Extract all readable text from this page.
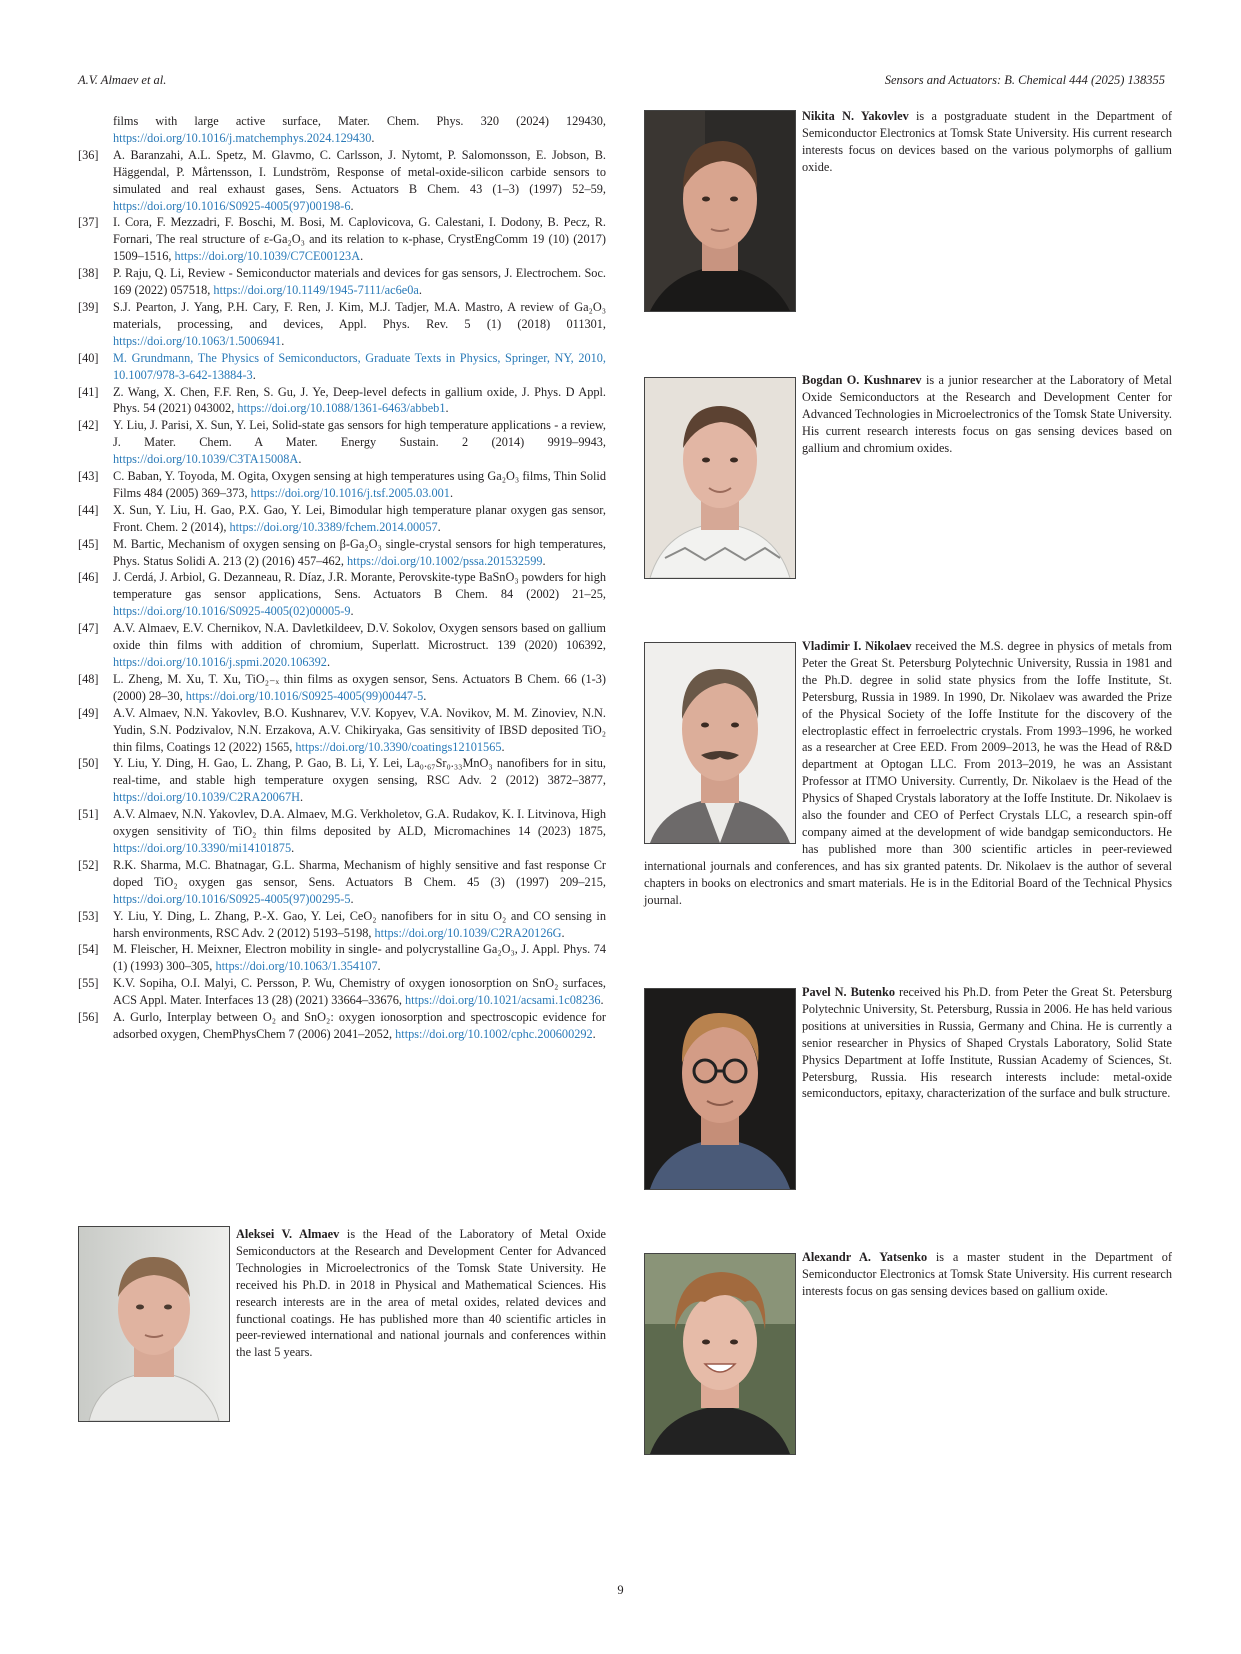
A.V. Almaev et al.	Sensors and Actuators: B. Chemical 444 (2025) 138355
films with large active surface, Mater. Chem. Phys. 320 (2024) 129430, https://doi.org/10.1016/j.matchemphys.2024.129430.
[36]	A. Baranzahi, A.L. Spetz, M. Glavmo, C. Carlsson, J. Nytomt, P. Salomonsson, E. Jobson, B. Häggendal, P. Mårtensson, I. Lundström, Response of metal-oxide-silicon carbide sensors to simulated and real exhaust gases, Sens. Actuators B Chem. 43 (1–3) (1997) 52–59, https://doi.org/10.1016/S0925-4005(97)00198-6.
[37]	I. Cora, F. Mezzadri, F. Boschi, M. Bosi, M. Caplovicova, G. Calestani, I. Dodony, B. Pecz, R. Fornari, The real structure of ε-Ga₂O₃ and its relation to κ-phase, CrystEngComm 19 (10) (2017) 1509–1516, https://doi.org/10.1039/C7CE00123A.
[38]	P. Raju, Q. Li, Review - Semiconductor materials and devices for gas sensors, J. Electrochem. Soc. 169 (2022) 057518, https://doi.org/10.1149/1945-7111/ac6e0a.
[39]	S.J. Pearton, J. Yang, P.H. Cary, F. Ren, J. Kim, M.J. Tadjer, M.A. Mastro, A review of Ga₂O₃ materials, processing, and devices, Appl. Phys. Rev. 5 (1) (2018) 011301, https://doi.org/10.1063/1.5006941.
[40]	M. Grundmann, The Physics of Semiconductors, Graduate Texts in Physics, Springer, NY, 2010, 10.1007/978-3-642-13884-3.
[41]	Z. Wang, X. Chen, F.F. Ren, S. Gu, J. Ye, Deep-level defects in gallium oxide, J. Phys. D Appl. Phys. 54 (2021) 043002, https://doi.org/10.1088/1361-6463/abbeb1.
[42]	Y. Liu, J. Parisi, X. Sun, Y. Lei, Solid-state gas sensors for high temperature applications - a review, J. Mater. Chem. A Mater. Energy Sustain. 2 (2014) 9919–9943, https://doi.org/10.1039/C3TA15008A.
[43]	C. Baban, Y. Toyoda, M. Ogita, Oxygen sensing at high temperatures using Ga₂O₃ films, Thin Solid Films 484 (2005) 369–373, https://doi.org/10.1016/j.tsf.2005.03.001.
[44]	X. Sun, Y. Liu, H. Gao, P.X. Gao, Y. Lei, Bimodular high temperature planar oxygen gas sensor, Front. Chem. 2 (2014), https://doi.org/10.3389/fchem.2014.00057.
[45]	M. Bartic, Mechanism of oxygen sensing on β-Ga₂O₃ single-crystal sensors for high temperatures, Phys. Status Solidi A. 213 (2) (2016) 457–462, https://doi.org/10.1002/pssa.201532599.
[46]	J. Cerdá, J. Arbiol, G. Dezanneau, R. Díaz, J.R. Morante, Perovskite-type BaSnO₃ powders for high temperature gas sensor applications, Sens. Actuators B Chem. 84 (2002) 21–25, https://doi.org/10.1016/S0925-4005(02)00005-9.
[47]	A.V. Almaev, E.V. Chernikov, N.A. Davletkildeev, D.V. Sokolov, Oxygen sensors based on gallium oxide thin films with addition of chromium, Superlatt. Microstruct. 139 (2020) 106392, https://doi.org/10.1016/j.spmi.2020.106392.
[48]	L. Zheng, M. Xu, T. Xu, TiO₂₋ₓ thin films as oxygen sensor, Sens. Actuators B Chem. 66 (1-3) (2000) 28–30, https://doi.org/10.1016/S0925-4005(99)00447-5.
[49]	A.V. Almaev, N.N. Yakovlev, B.O. Kushnarev, V.V. Kopyev, V.A. Novikov, M. M. Zinoviev, N.N. Yudin, S.N. Podzivalov, N.N. Erzakova, A.V. Chikiryaka, Gas sensitivity of IBSD deposited TiO₂ thin films, Coatings 12 (2022) 1565, https://doi.org/10.3390/coatings12101565.
[50]	Y. Liu, Y. Ding, H. Gao, L. Zhang, P. Gao, B. Li, Y. Lei, La₀.₆₇Sr₀.₃₃MnO₃ nanofibers for in situ, real-time, and stable high temperature oxygen sensing, RSC Adv. 2 (2012) 3872–3877, https://doi.org/10.1039/C2RA20067H.
[51]	A.V. Almaev, N.N. Yakovlev, D.A. Almaev, M.G. Verkholetov, G.A. Rudakov, K. I. Litvinova, High oxygen sensitivity of TiO₂ thin films deposited by ALD, Micromachines 14 (2023) 1875, https://doi.org/10.3390/mi14101875.
[52]	R.K. Sharma, M.C. Bhatnagar, G.L. Sharma, Mechanism of highly sensitive and fast response Cr doped TiO₂ oxygen gas sensor, Sens. Actuators B Chem. 45 (3) (1997) 209–215, https://doi.org/10.1016/S0925-4005(97)00295-5.
[53]	Y. Liu, Y. Ding, L. Zhang, P.-X. Gao, Y. Lei, CeO₂ nanofibers for in situ O₂ and CO sensing in harsh environments, RSC Adv. 2 (2012) 5193–5198, https://doi.org/10.1039/C2RA20126G.
[54]	M. Fleischer, H. Meixner, Electron mobility in single- and polycrystalline Ga₂O₃, J. Appl. Phys. 74 (1) (1993) 300–305, https://doi.org/10.1063/1.354107.
[55]	K.V. Sopiha, O.I. Malyi, C. Persson, P. Wu, Chemistry of oxygen ionosorption on SnO₂ surfaces, ACS Appl. Mater. Interfaces 13 (28) (2021) 33664–33676, https://doi.org/10.1021/acsami.1c08236.
[56]	A. Gurlo, Interplay between O₂ and SnO₂: oxygen ionosorption and spectroscopic evidence for adsorbed oxygen, ChemPhysChem 7 (2006) 2041–2052, https://doi.org/10.1002/cphc.200600292.
Aleksei V. Almaev is the Head of the Laboratory of Metal Oxide Semiconductors at the Research and Development Center for Advanced Technologies in Microelectronics of the Tomsk State University. He received his Ph.D. in 2018 in Physical and Mathematical Sciences. His research interests are in the area of metal oxides, related devices and functional coatings. He has published more than 40 scientific articles in peer-reviewed international and national journals and conferences within the last 5 years.
Nikita N. Yakovlev is a postgraduate student in the Department of Semiconductor Electronics at Tomsk State University. His current research interests focus on devices based on the various polymorphs of gallium oxide.
Bogdan O. Kushnarev is a junior researcher at the Laboratory of Metal Oxide Semiconductors at the Research and Development Center for Advanced Technologies in Microelectronics of the Tomsk State University. His current research interests focus on gas sensing devices based on gallium and chromium oxides.
Vladimir I. Nikolaev received the M.S. degree in physics of metals from Peter the Great St. Petersburg Polytechnic University, Russia in 1981 and the Ph.D. degree in solid state physics from the Ioffe Institute, St. Petersburg, Russia in 1989. In 1990, Dr. Nikolaev was awarded the Prize of the Physical Society of the Ioffe Institute for the discovery of the electroplastic effect in ferroelectric crystals. From 1993–1996, he worked as a researcher at Cree EED. From 2009–2013, he was the Head of R&D department at Optogan LLC. From 2013–2019, he was an Assistant Professor at ITMO University. Currently, Dr. Nikolaev is the Head of the Physics of Shaped Crystals laboratory at the Ioffe Institute. Dr. Nikolaev is also the founder and CEO of Perfect Crystals LLC, a research spin-off company aimed at the development of wide bandgap semiconductors. He has published more than 300 scientific articles in peer-reviewed international journals and conferences, and has six granted patents. Dr. Nikolaev is the author of several chapters in books on electronics and smart materials. He is in the Editorial Board of the Technical Physics journal.
Pavel N. Butenko received his Ph.D. from Peter the Great St. Petersburg Polytechnic University, St. Petersburg, Russia in 2006. He has held various positions at universities in Russia, Germany and China. He is currently a senior researcher in Physics of Shaped Crystals Laboratory, Solid State Physics Department at Ioffe Institute, Russian Academy of Sciences, St. Petersburg, Russia. His research interests include: metal-oxide semiconductors, epitaxy, characterization of the surface and bulk structure.
Alexandr A. Yatsenko is a master student in the Department of Semiconductor Electronics at Tomsk State University. His current research interests focus on gas sensing devices based on gallium oxide.
9
